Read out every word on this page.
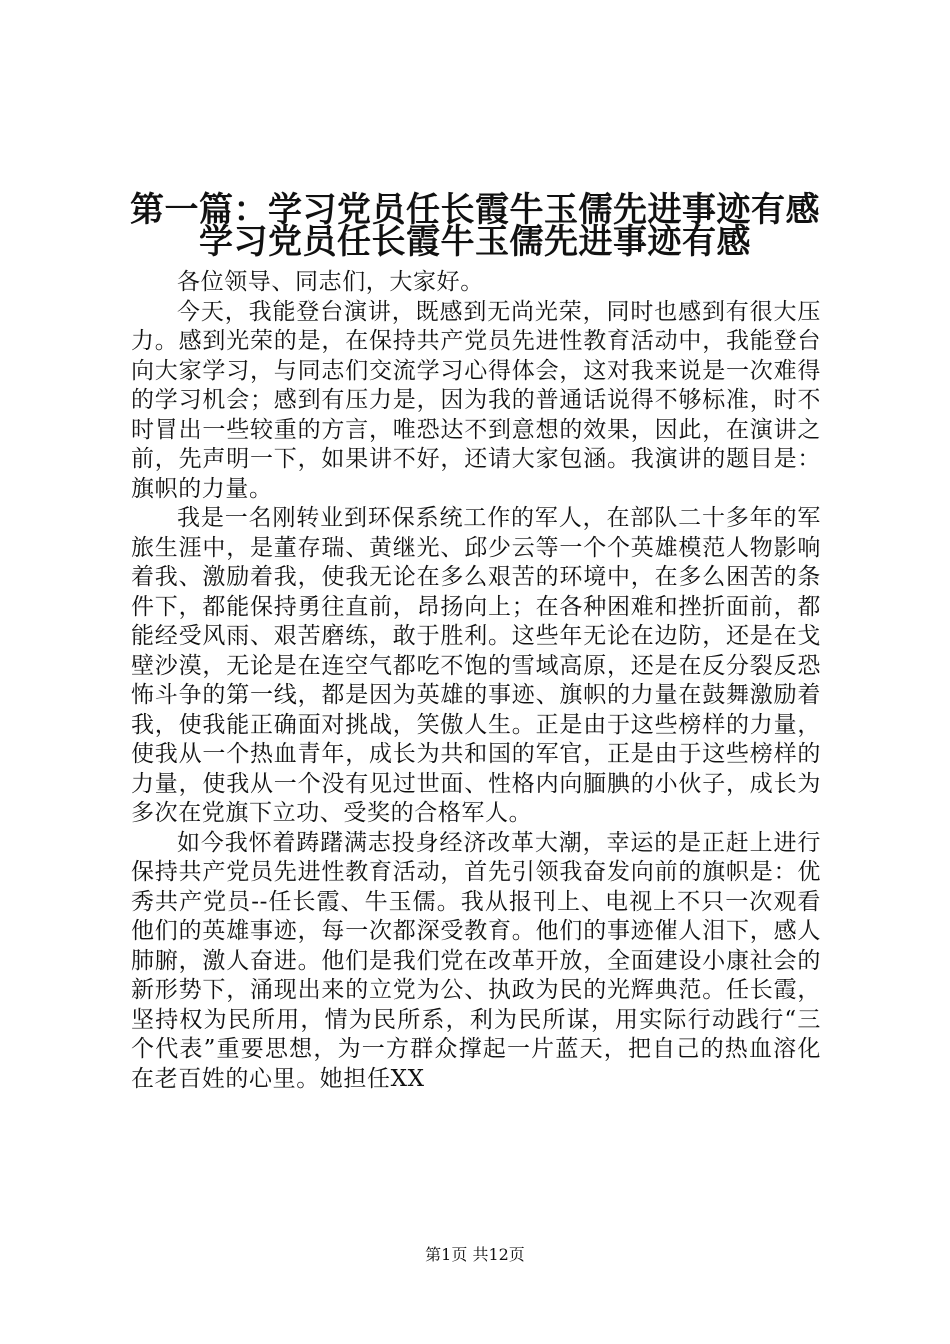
第一篇：学习党员任长霞牛玉儒先进事迹有感
学习党员任长霞牛玉儒先进事迹有感

各位领导、同志们，大家好。

今天，我能登台演讲，既感到无尚光荣，同时也感到有很大压力。感到光荣的是，在保持共产党员先进性教育活动中，我能登台向大家学习，与同志们交流学习心得体会，这对我来说是一次难得的学习机会；感到有压力是，因为我的普通话说得不够标准，时不时冒出一些较重的方言，唯恐达不到意想的效果，因此，在演讲之前，先声明一下，如果讲不好，还请大家包涵。我演讲的题目是：旗帜的力量。

我是一名刚转业到环保系统工作的军人，在部队二十多年的军旅生涯中，是董存瑞、黄继光、邱少云等一个个英雄模范人物影响着我、激励着我，使我无论在多么艰苦的环境中，在多么困苦的条件下，都能保持勇往直前，昂扬向上；在各种困难和挫折面前，都能经受风雨、艰苦磨练，敢于胜利。这些年无论在边防，还是在戈壁沙漠，无论是在连空气都吃不饱的雪域高原，还是在反分裂反恐怖斗争的第一线，都是因为英雄的事迹、旗帜的力量在鼓舞激励着我，使我能正确面对挑战，笑傲人生。正是由于这些榜样的力量，使我从一个热血青年，成长为共和国的军官，正是由于这些榜样的力量，使我从一个没有见过世面、性格内向腼腆的小伙子，成长为多次在党旗下立功、受奖的合格军人。

如今我怀着踌躇满志投身经济改革大潮，幸运的是正赶上进行保持共产党员先进性教育活动，首先引领我奋发向前的旗帜是：优秀共产党员--任长霞、牛玉儒。我从报刊上、电视上不只一次观看他们的英雄事迹，每一次都深受教育。他们的事迹催人泪下，感人肺腑，激人奋进。他们是我们党在改革开放，全面建设小康社会的新形势下，涌现出来的立党为公、执政为民的光辉典范。任长霞，坚持权为民所用，情为民所系，利为民所谋，用实际行动践行“三个代表”重要思想，为一方群众撑起一片蓝天，把自己的热血溶化在老百姓的心里。她担任XX

第1页 共12页
